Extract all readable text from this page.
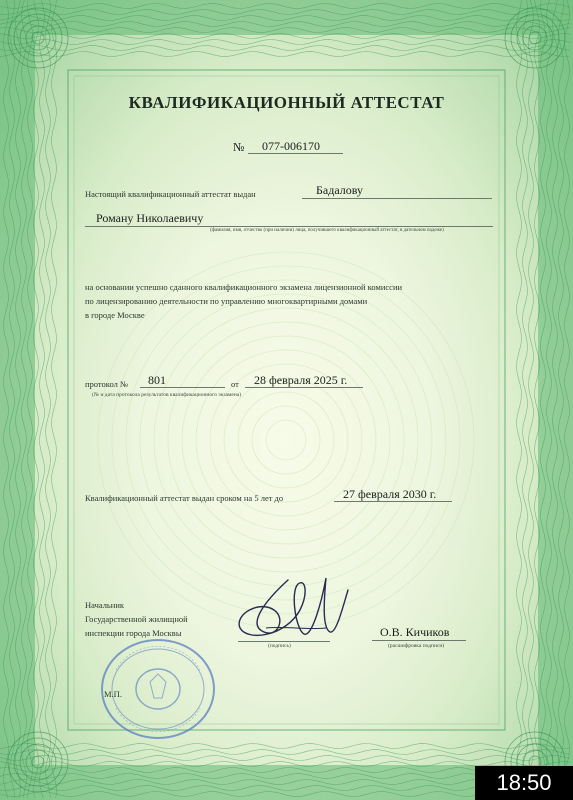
КВАЛИФИКАЦИОННЫЙ АТТЕСТАТ
№ 077-006170
Настоящий квалификационный аттестат выдан	Бадалову
Роману Николаевичу
(фамилия, имя, отчество (при наличии) лица, получившего квалификационный аттестат, в дательном падеже)
на основании успешно сданного квалификационного экзамена лицензионной комиссии
по лицензированию деятельности по управлению многоквартирными домами
в городе Москве
протокол № 801	от 28 февраля 2025 г.
(№ и дата протокола результатов квалификационного экзамена)
Квалификационный аттестат выдан сроком на 5 лет до	27 февраля 2030 г.
Начальник
Государственной жилищной
инспекции города Москвы
(подпись)
О.В. Кичиков
(расшифровка подписи)
М.П.
18:50
